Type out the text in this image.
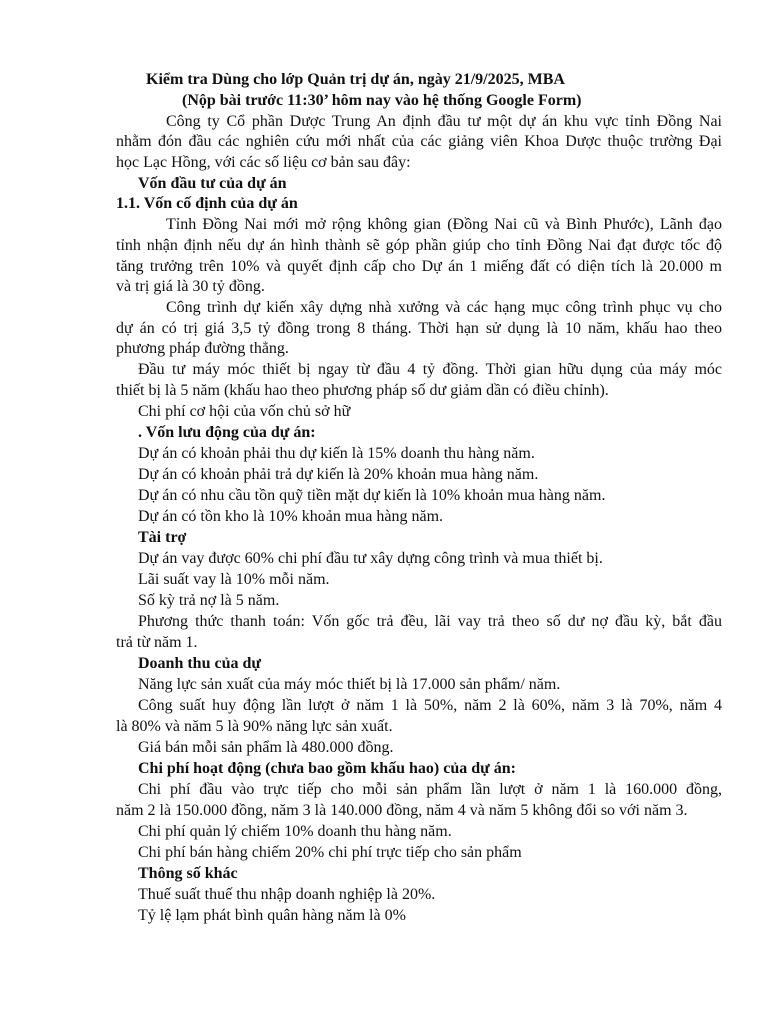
Kiểm tra Dùng cho lớp Quản trị dự án, ngày 21/9/2025, MBA
(Nộp bài trước 11:30’ hôm nay vào hệ thống Google Form)
Công ty Cổ phần Dược Trung An định đầu tư một dự án khu vực tỉnh Đồng Nai
nhằm đón đầu các nghiên cứu mới nhất của các giảng viên Khoa Dược thuộc trường Đại
học Lạc Hồng, với các số liệu cơ bản sau đây:
Vốn đầu tư của dự án
1.1. Vốn cố định của dự án
Tỉnh Đồng Nai mới mở rộng không gian (Đồng Nai cũ và Bình Phước), Lãnh đạo
tỉnh nhận định nếu dự án hình thành sẽ góp phần giúp cho tỉnh Đồng Nai đạt được tốc độ
tăng trưởng trên 10% và quyết định cấp cho Dự án 1 miếng đất có diện tích là 20.000 m
và trị giá là 30 tỷ đồng.
Công trình dự kiến xây dựng nhà xưởng và các hạng mục công trình phục vụ cho
dự án có trị giá 3,5 tỷ đồng trong 8 tháng. Thời hạn sử dụng là 10 năm, khấu hao theo
phương pháp đường thẳng.
Đầu tư máy móc thiết bị ngay từ đầu 4 tỷ đồng. Thời gian hữu dụng của máy móc
thiết bị là 5 năm (khấu hao theo phương pháp số dư giảm dần có điều chỉnh).
Chi phí cơ hội của vốn chủ sở hữ
. Vốn lưu động của dự án:
Dự án có khoản phải thu dự kiến là 15% doanh thu hàng năm.
Dự án có khoản phải trả dự kiến là 20% khoản mua hàng năm.
Dự án có nhu cầu tồn quỹ tiền mặt dự kiến là 10% khoản mua hàng năm.
Dự án có tồn kho là 10% khoản mua hàng năm.
Tài trợ
Dự án vay được 60% chi phí đầu tư xây dựng công trình và mua thiết bị.
Lãi suất vay là 10% mỗi năm.
Số kỳ trả nợ là 5 năm.
Phương thức thanh toán: Vốn gốc trả đều, lãi vay trả theo số dư nợ đầu kỳ, bắt đầu
trả từ năm 1.
Doanh thu của dự
Năng lực sản xuất của máy móc thiết bị là 17.000 sản phẩm/ năm.
Công suất huy động lần lượt ở năm 1 là 50%, năm 2 là 60%, năm 3 là 70%, năm 4
là 80% và năm 5 là 90% năng lực sản xuất.
Giá bán mỗi sản phẩm là 480.000 đồng.
Chi phí hoạt động (chưa bao gồm khấu hao) của dự án:
Chi phí đầu vào trực tiếp cho mỗi sản phẩm lần lượt ở năm 1 là 160.000 đồng,
năm 2 là 150.000 đồng, năm 3 là 140.000 đồng, năm 4 và năm 5 không đổi so với năm 3.
Chi phí quản lý chiếm 10% doanh thu hàng năm.
Chi phí bán hàng chiếm 20% chi phí trực tiếp cho sản phẩm
Thông số khác
Thuế suất thuế thu nhập doanh nghiệp là 20%.
Tỷ lệ lạm phát bình quân hàng năm là 0%
